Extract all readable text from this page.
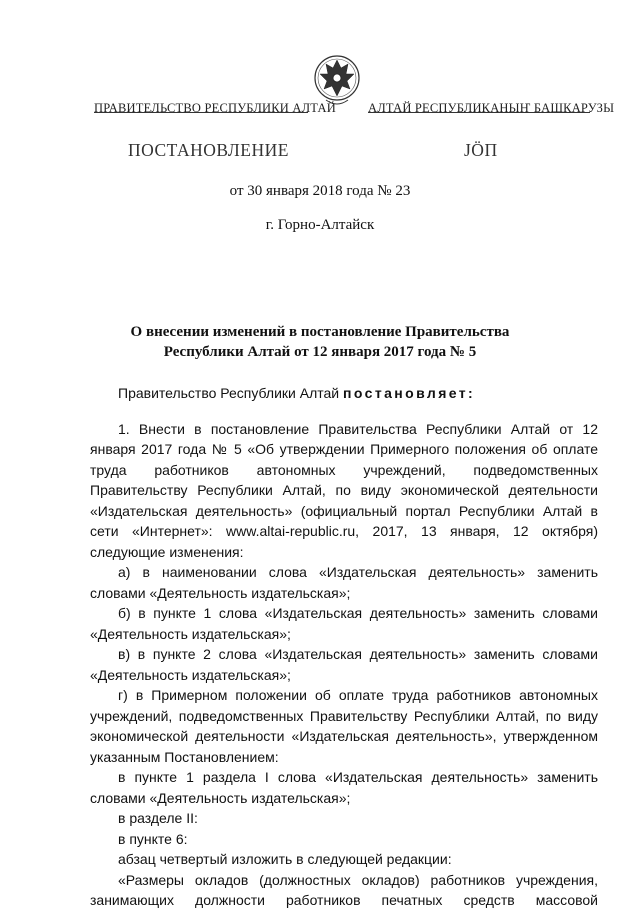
ПРАВИТЕЛЬСТВО РЕСПУБЛИКИ АЛТАЙ	АЛТАЙ РЕСПУБЛИКАНЫҤ БАШКАРУЗЫ
ПОСТАНОВЛЕНИЕ	JÖП
от 30 января 2018 года № 23
г. Горно-Алтайск
О внесении изменений в постановление Правительства
Республики Алтай от 12 января 2017 года № 5

Правительство Республики Алтай постановляет:

1. Внести в постановление Правительства Республики Алтай от 12 января 2017 года № 5 «Об утверждении Примерного положения об оплате труда работников автономных учреждений, подведомственных Правительству Республики Алтай, по виду экономической деятельности «Издательская деятельность» (официальный портал Республики Алтай в сети «Интернет»: www.altai-republic.ru, 2017, 13 января, 12 октября) следующие изменения:

а) в наименовании слова «Издательская деятельность» заменить словами «Деятельность издательская»;

б) в пункте 1 слова «Издательская деятельность» заменить словами «Деятельность издательская»;

в) в пункте 2 слова «Издательская деятельность» заменить словами «Деятельность издательская»;

г) в Примерном положении об оплате труда работников автономных учреждений, подведомственных Правительству Республики Алтай, по виду экономической деятельности «Издательская деятельность», утвержденном указанным Постановлением:

в пункте 1 раздела I слова «Издательская деятельность» заменить словами «Деятельность издательская»;

в разделе II:

в пункте 6:

абзац четвертый изложить в следующей редакции:

«Размеры окладов (должностных окладов) работников учреждения,

занимающих должности работников печатных средств массовой
